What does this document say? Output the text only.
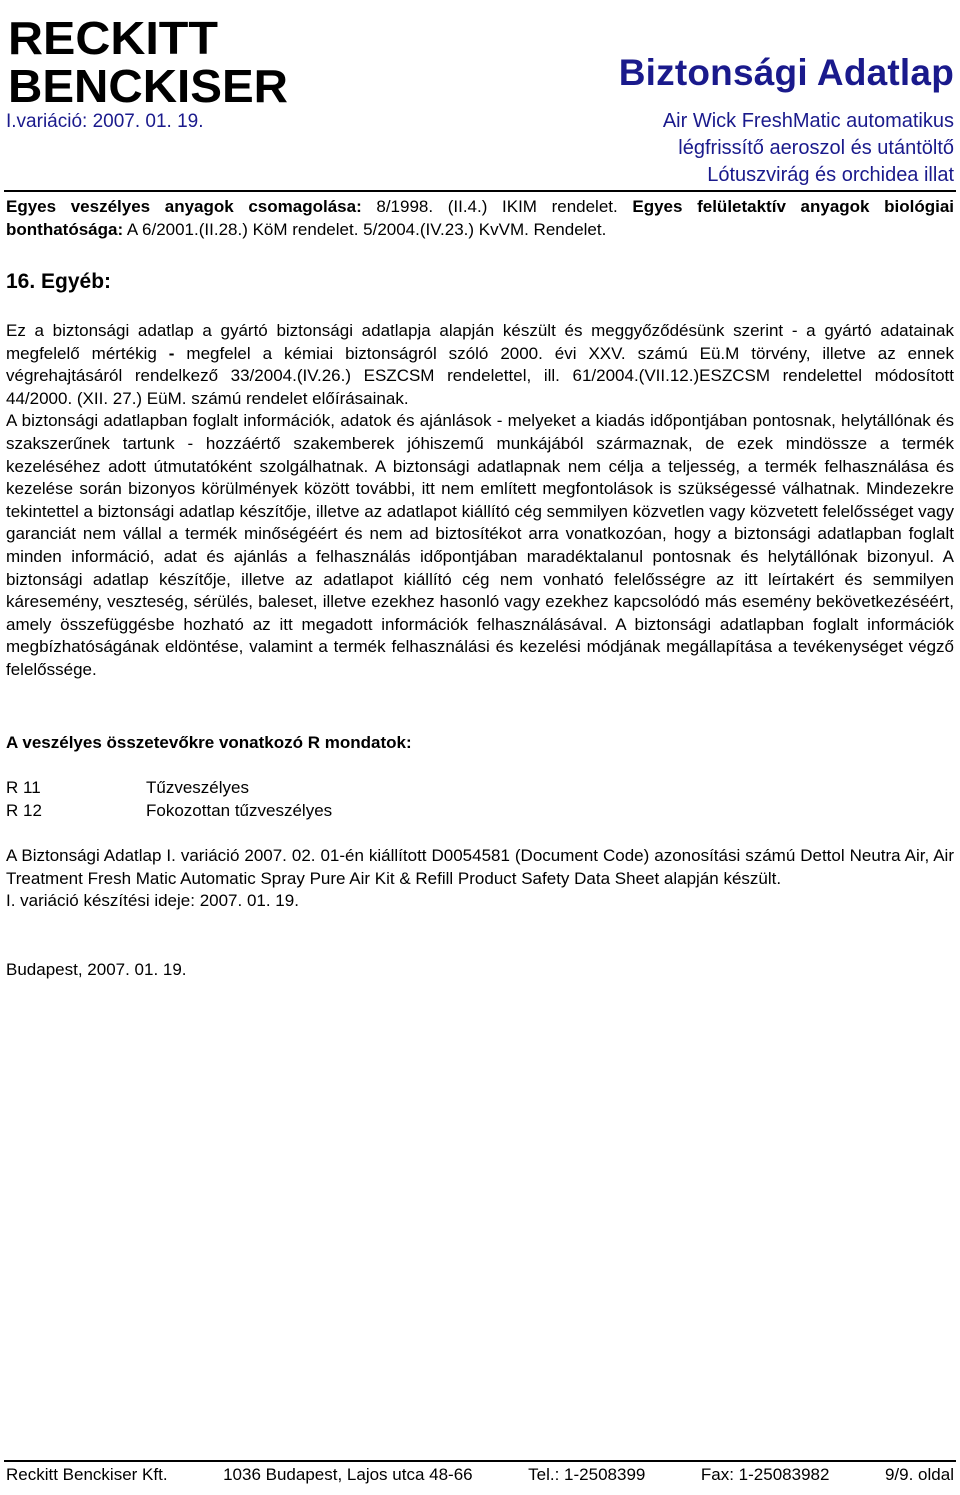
RECKITT
BENCKISER

I.variáció: 2007. 01. 19.

Biztonsági Adatlap
Air Wick FreshMatic automatikus
légfrissítő aeroszol és utántöltő
Lótuszvirág és orchidea illat

Egyes veszélyes anyagok csomagolása: 8/1998. (II.4.) IKIM rendelet. Egyes felületaktív anyagok biológiai bonthatósága: A 6/2001.(II.28.) KöM rendelet. 5/2004.(IV.23.) KvVM. Rendelet.

16. Egyéb:
Ez a biztonsági adatlap a gyártó biztonsági adatlapja alapján készült és meggyőződésünk szerint - a gyártó adatainak megfelelő mértékig - megfelel a kémiai biztonságról szóló 2000. évi XXV. számú Eü.M törvény, illetve az ennek végrehajtásáról rendelkező 33/2004.(IV.26.) ESZCSM rendelettel, ill. 61/2004.(VII.12.)ESZCSM rendelettel módosított 44/2000. (XII. 27.) EüM. számú rendelet előírásainak.
A biztonsági adatlapban foglalt információk, adatok és ajánlások - melyeket a kiadás időpontjában pontosnak, helytállónak és szakszerűnek tartunk - hozzáértő szakemberek jóhiszemű munkájából származnak, de ezek mindössze a termék kezeléséhez adott útmutatóként szolgálhatnak. A biztonsági adatlapnak nem célja a teljesség, a termék felhasználása és kezelése során bizonyos körülmények között további, itt nem említett megfontolások is szükségessé válhatnak. Mindezekre tekintettel a biztonsági adatlap készítője, illetve az adatlapot kiállító cég semmilyen közvetlen vagy közvetett felelősséget vagy garanciát nem vállal a termék minőségéért és nem ad biztosítékot arra vonatkozóan, hogy a biztonsági adatlapban foglalt minden információ, adat és ajánlás a felhasználás időpontjában maradéktalanul pontosnak és helytállónak bizonyul. A biztonsági adatlap készítője, illetve az adatlapot kiállító cég nem vonható felelősségre az itt leírtakért és semmilyen káresemény, veszteség, sérülés, baleset, illetve ezekhez hasonló vagy ezekhez kapcsolódó más esemény bekövetkezéséért, amely összefüggésbe hozható az itt megadott információk felhasználásával. A biztonsági adatlapban foglalt információk megbízhatóságának eldöntése, valamint a termék felhasználási és kezelési módjának megállapítása a tevékenységet végző felelőssége.
A veszélyes összetevőkre vonatkozó R mondatok:
R 11	Tűzveszélyes
R 12	Fokozottan tűzveszélyes
A Biztonsági Adatlap I. variáció 2007. 02. 01-én kiállított D0054581 (Document Code) azonosítási számú Dettol Neutra Air, Air Treatment Fresh Matic Automatic Spray Pure Air Kit & Refill Product Safety Data Sheet alapján készült.
I. variáció készítési ideje: 2007. 01. 19.

Budapest, 2007. 01. 19.

Reckitt Benckiser Kft.	1036 Budapest, Lajos utca 48-66	Tel.: 1-2508399	Fax: 1-25083982	9/9. oldal
